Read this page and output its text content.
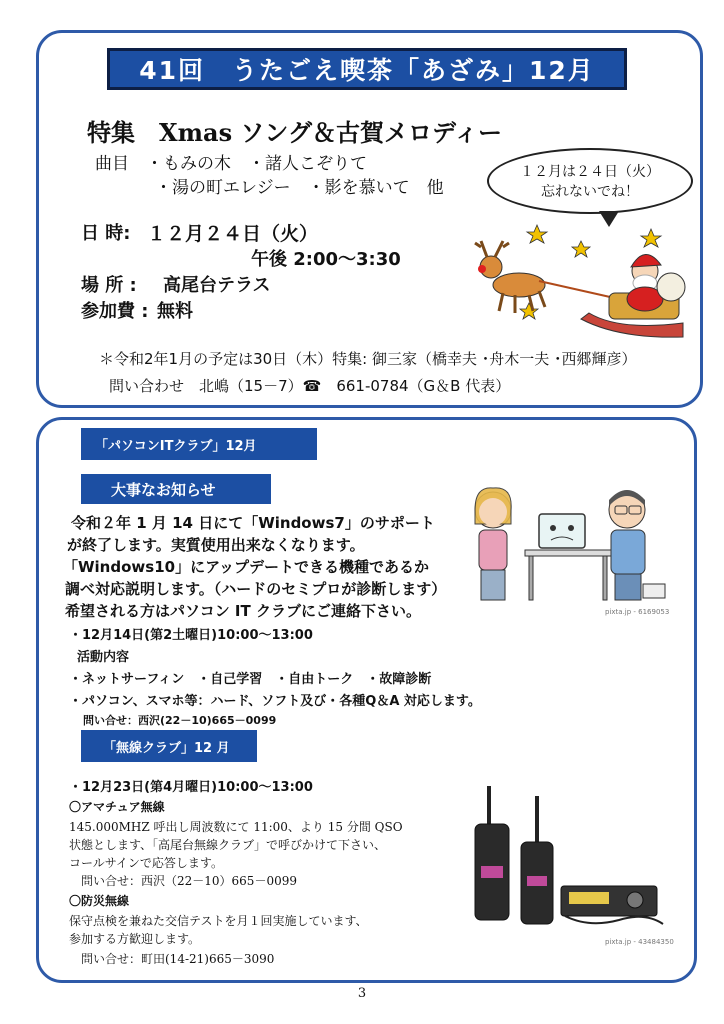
41回　うたごえ喫茶「あざみ」12月
特集　Xmas ソング＆古賀メロディー
曲目　・もみの木　・諸人こぞりて
・湯の町エレジー　・影を慕いて　他
１２月は２４日（火）
忘れないでね！
日 時: １２月２４日（火）
午後 2:00～3:30
場 所 : 高尾台テラス
参加費 : 無料
＊令和2年1月の予定は30日（木）特集: 御三家（橋幸夫 ･舟木一夫 ･西郷輝彦）
問い合わせ　北嶋（15－7）☎　661-0784（G＆B 代表）
「パソコンITクラブ」12月
大事なお知らせ
令和２年 1 月 14 日にて「Windows7」のサポート
が終了します。実質使用出来なくなります。
「Windows10」にアップデートできる機種であるか
調べ対応説明します。（ハードのセミプロが診断します）
希望される方はパソコン IT クラブにご連絡下さい。
・12月14日(第2土曜日)10:00～13:00
活動内容
・ネットサーフィン　・自己学習　・自由トーク　・故障診断
・パソコン、スマホ等：ハード、ソフト及び・各種Q＆A 対応します。
問い合せ：西沢(22－10)665－0099
pixta.jp - 6169053
「無線クラブ」12 月
・12月23日(第4月曜日)10:00～13:00
〇アマチュア無線
145.000MHZ 呼出し周波数にて 11:00、より 15 分間 QSO
状態とします、「高尾台無線クラブ」で呼びかけて下さい、
コールサインで応答します。
　問い合せ：西沢（22－10）665－0099
〇防災無線
保守点検を兼ねた交信テストを月１回実施しています、
参加する方歓迎します。
　問い合せ：町田(14-21)665－3090
pixta.jp - 43484350
3
